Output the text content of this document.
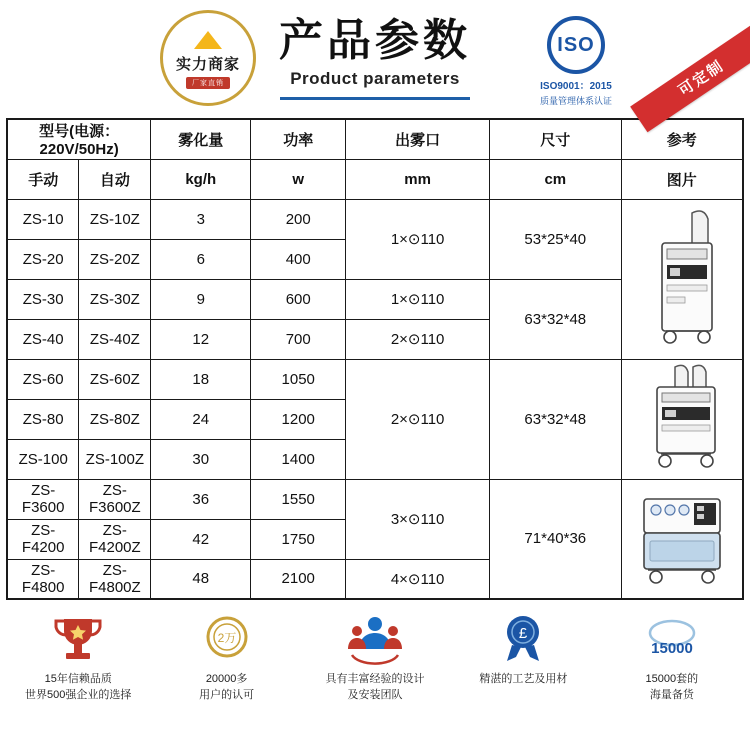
实力商家
厂家直销
产品参数
Product parameters
ISO
ISO9001：2015
质量管理体系认证
可定制
型号(电源：220V/50Hz)		雾化量	功率	出雾口	尺寸	参考
手动	自动	kg/h	w	mm	cm	图片
ZS-10	ZS-10Z	3	200	1×⊙110	53*25*40	

ZS-20	ZS-20Z	6	400			
ZS-30	ZS-30Z	9	600	1×⊙110	63*32*48	
ZS-40	ZS-40Z	12	700	2×⊙110		
ZS-60	ZS-60Z	18	1050	2×⊙110	63*32*48	

ZS-80	ZS-80Z	24	1200			
ZS-100	ZS-100Z	30	1400			
ZS-F3600	ZS-F3600Z	36	1550	3×⊙110	71*40*36	

ZS-F4200	ZS-F4200Z	42	1750			
ZS-F4800	ZS-F4800Z	48	2100	4×⊙110		
15年信赖品质
世界500强企业的选择
2万
20000多
用户的认可
具有丰富经验的设计
及安装团队
£
精湛的工艺及用材
15000
15000套的
海量备货
